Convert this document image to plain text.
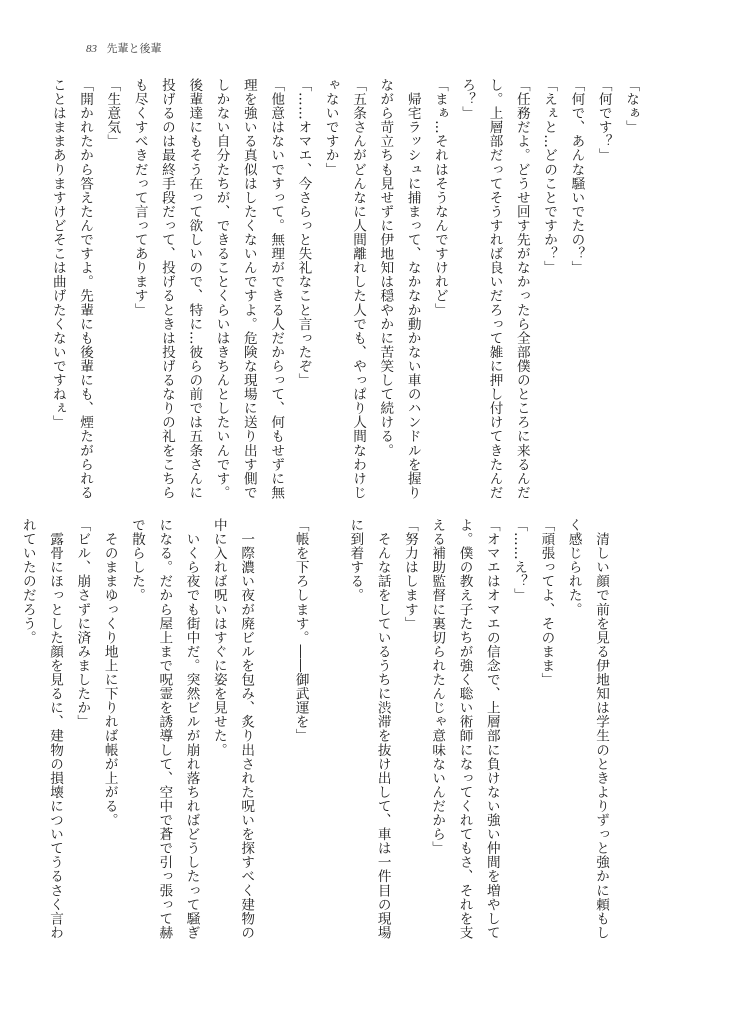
83 先輩と後輩
「なぁ」
「何です？」
「何で、あんな騒いでたの？」
「えぇと…どのことですか？」
「任務だよ。どうせ回す先がなかったら全部僕のところに来るんだ
し。上層部だってそうすれば良いだろって雑に押し付けてきたんだ
ろ？」
「まぁ…それはそうなんですけれど」
　帰宅ラッシュに捕まって、なかなか動かない車のハンドルを握り
ながら苛立ちも見せずに伊地知は穏やかに苦笑して続ける。
「五条さんがどんなに人間離れした人でも、やっぱり人間なわけじ
ゃないですか」
「……オマエ、今さらっと失礼なこと言ったぞ」
「他意はないですって。無理ができる人だからって、何もせずに無
理を強いる真似はしたくないんですよ。危険な現場に送り出す側で
しかない自分たちが、できることくらいはきちんとしたいんです。
後輩達にもそう在って欲しいので、特に…彼らの前では五条さんに
投げるのは最終手段だって、投げるときは投げるなりの礼をこちら
も尽くすべきだって言ってあります」
「生意気」
「開かれたから答えたんですよ。先輩にも後輩にも、煙たがられる
ことはままありますけどそこは曲げたくないですねぇ」
　清しい顔で前を見る伊地知は学生のときよりずっと強かに頼もし
く感じられた。
「頑張ってよ、そのまま」
「……え？」
「オマエはオマエの信念で、上層部に負けない強い仲間を増やして
よ。僕の教え子たちが強く聡い術師になってくれてもさ、それを支
える補助監督に裏切られたんじゃ意味ないんだから」
「努力はします」
　そんな話をしているうちに渋滞を抜け出して、車は一件目の現場
に到着する。

「帳を下ろします。――御武運を」

　一際濃い夜が廃ビルを包み、炙り出された呪いを探すべく建物の
中に入れば呪いはすぐに姿を見せた。
　いくら夜でも街中だ。突然ビルが崩れ落ちればどうしたって騒ぎ
になる。だから屋上まで呪霊を誘導して、空中で蒼で引っ張って赫
で散らした。
　そのままゆっくり地上に下りれば帳が上がる。
「ビル、崩さずに済みましたか」
　露骨にほっとした顔を見るに、建物の損壊についてうるさく言わ
れていたのだろう。
